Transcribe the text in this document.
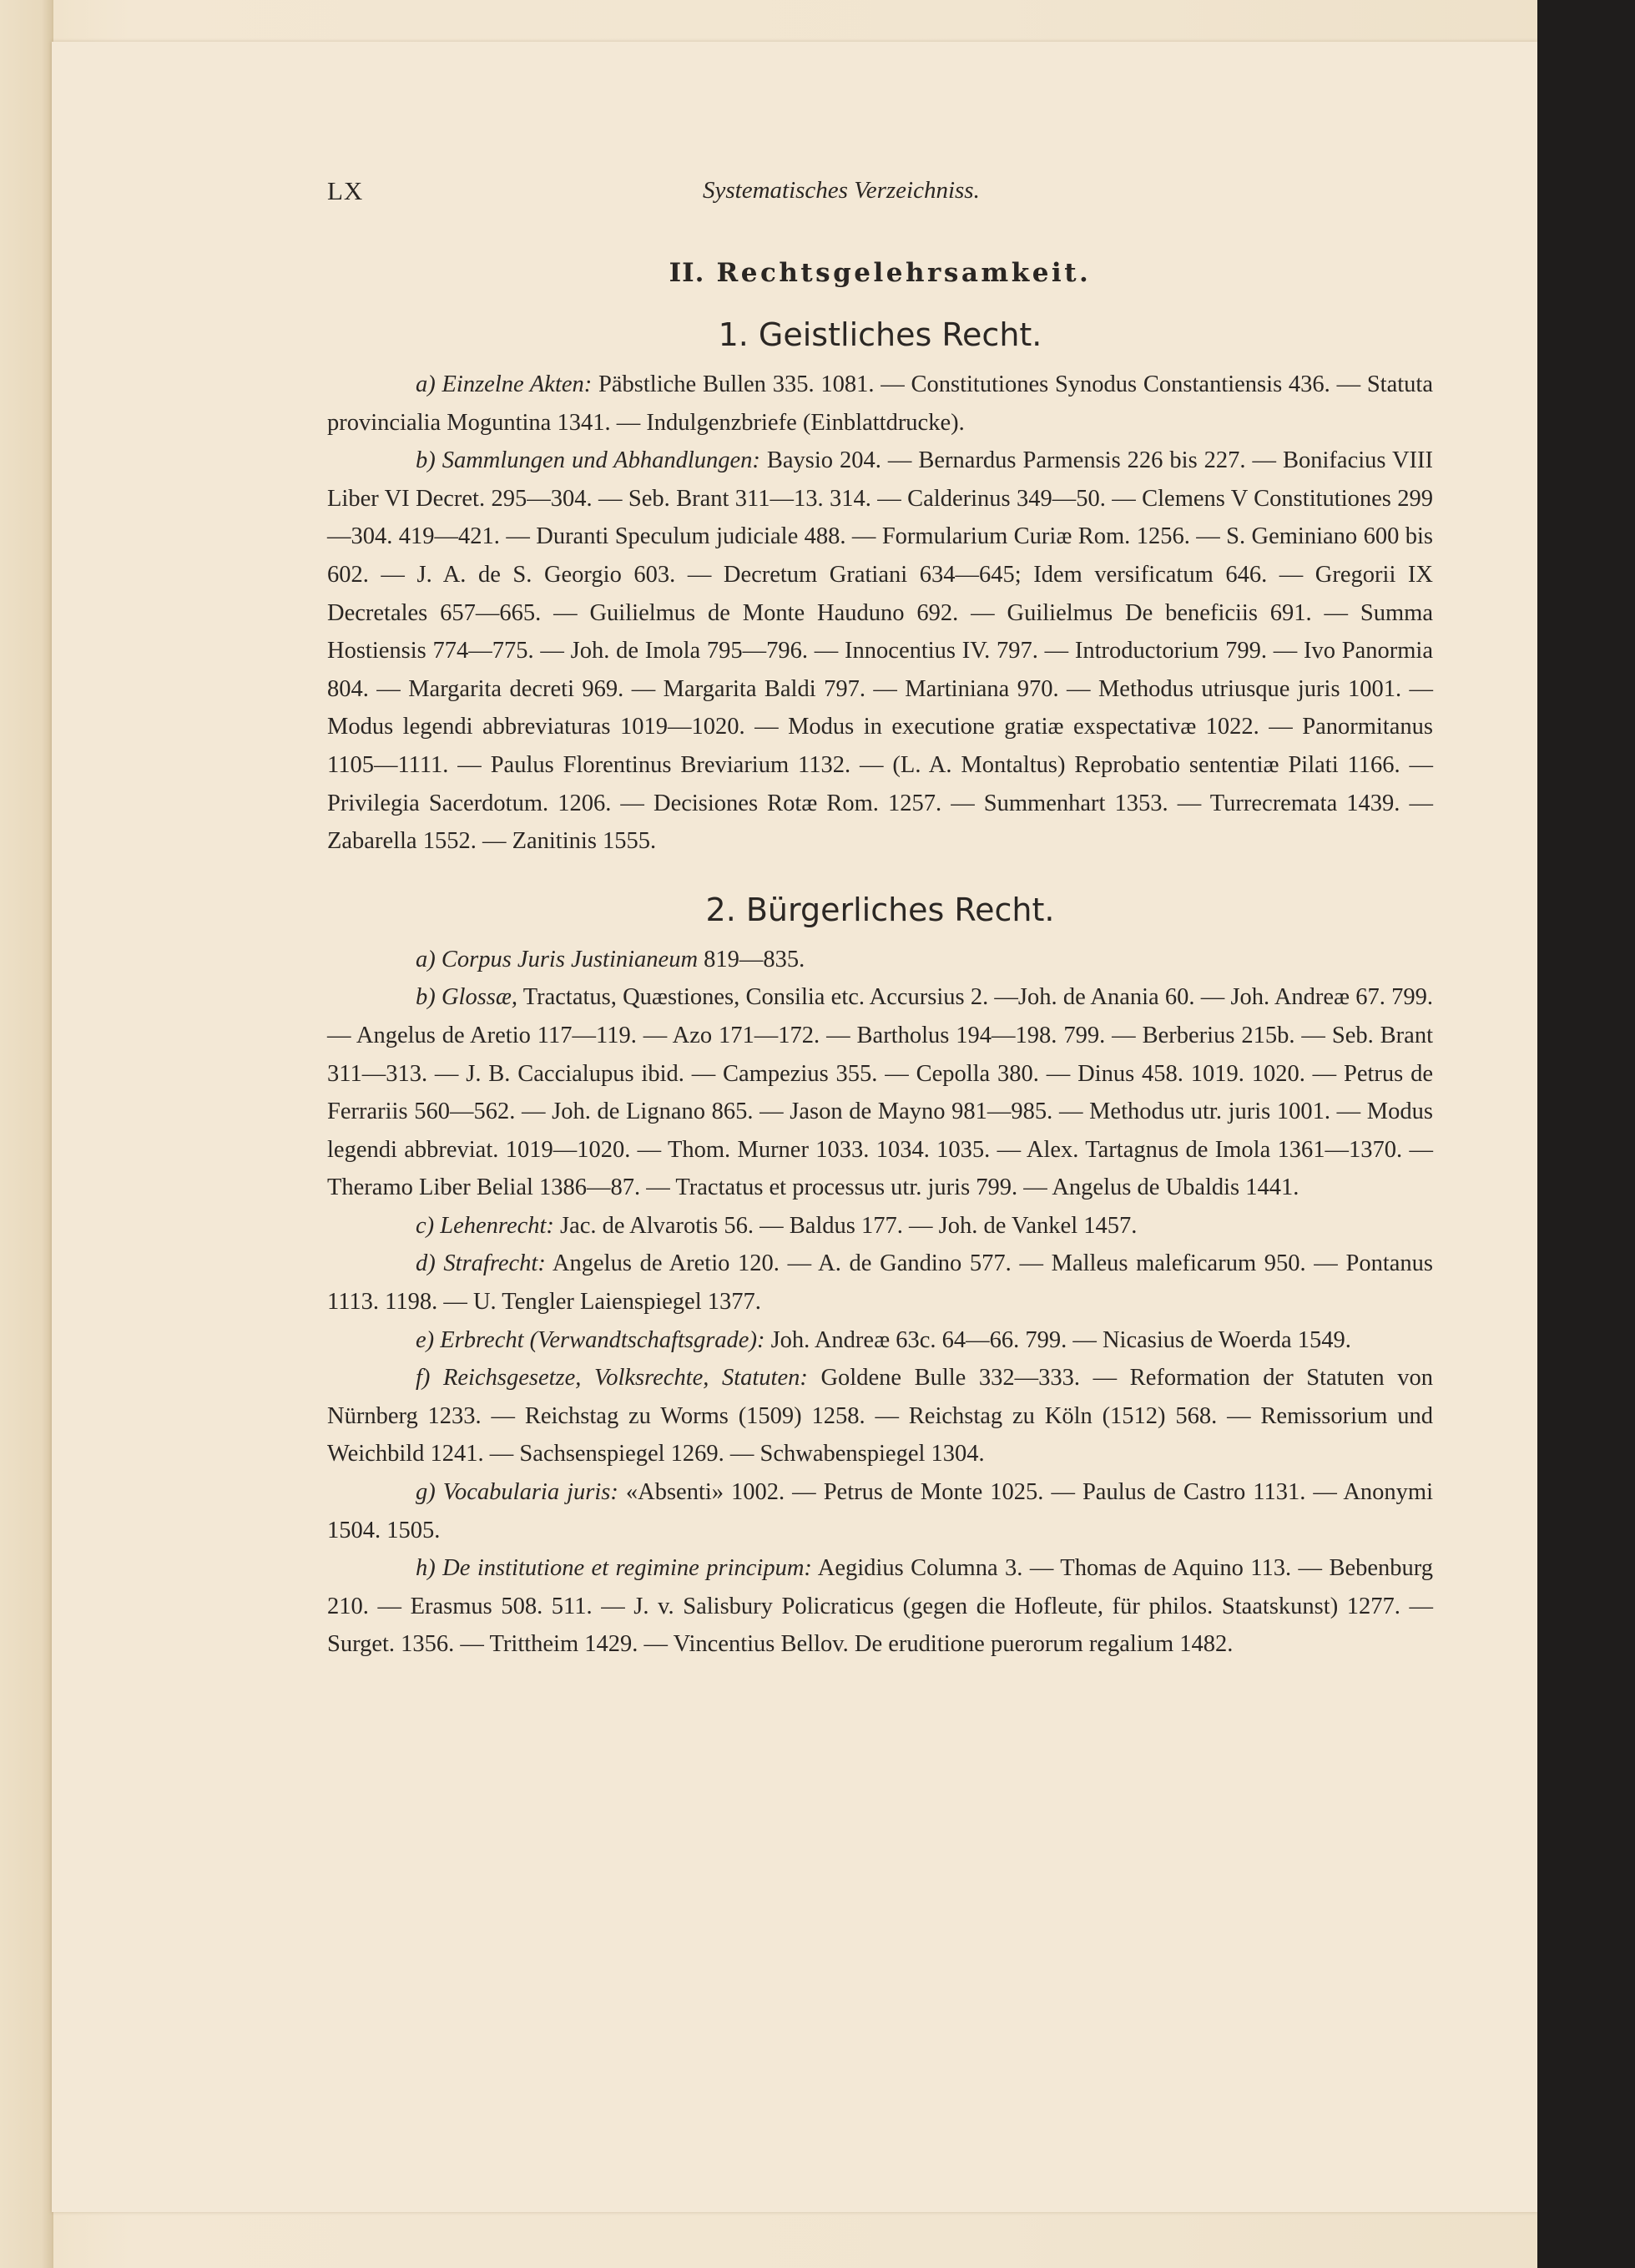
LX	Systematisches Verzeichniss.
II. Rechtsgelehrsamkeit.
1. Geistliches Recht.

a) Einzelne Akten: Päbstliche Bullen 335. 1081. — Constitutiones Synodus Constantiensis 436. — Statuta provincialia Moguntina 1341. — Indulgenzbriefe (Einblattdrucke).

b) Sammlungen und Abhandlungen: Baysio 204. — Bernardus Parmensis 226 bis 227. — Bonifacius VIII Liber VI Decret. 295—304. — Seb. Brant 311—13. 314. — Calderinus 349—50. — Clemens V Constitutiones 299—304. 419—421. — Duranti Speculum judiciale 488. — Formularium Curiæ Rom. 1256. — S. Geminiano 600 bis 602. — J. A. de S. Georgio 603. — Decretum Gratiani 634—645; Idem versificatum 646. — Gregorii IX Decretales 657—665. — Guilielmus de Monte Hauduno 692. — Guilielmus De beneficiis 691. — Summa Hostiensis 774—775. — Joh. de Imola 795—796. — Innocentius IV. 797. — Introductorium 799. — Ivo Panormia 804. — Margarita decreti 969. — Margarita Baldi 797. — Martiniana 970. — Methodus utriusque juris 1001. — Modus legendi abbreviaturas 1019—1020. — Modus in executione gratiæ exspectativæ 1022. — Panormitanus 1105—1111. — Paulus Florentinus Breviarium 1132. — (L. A. Montaltus) Reprobatio sententiæ Pilati 1166. — Privilegia Sacerdotum. 1206. — Decisiones Rotæ Rom. 1257. — Summenhart 1353. — Turrecremata 1439. — Zabarella 1552. — Zanitinis 1555.

2. Bürgerliches Recht.

a) Corpus Juris Justinianeum 819—835.

b) Glossæ, Tractatus, Quæstiones, Consilia etc. Accursius 2. —Joh. de Anania 60. — Joh. Andreæ 67. 799. — Angelus de Aretio 117—119. — Azo 171—172. — Bartholus 194—198. 799. — Berberius 215b. — Seb. Brant 311—313. — J. B. Caccialupus ibid. — Campezius 355. — Cepolla 380. — Dinus 458. 1019. 1020. — Petrus de Ferrariis 560—562. — Joh. de Lignano 865. — Jason de Mayno 981—985. — Methodus utr. juris 1001. — Modus legendi abbreviat. 1019—1020. — Thom. Murner 1033. 1034. 1035. — Alex. Tartagnus de Imola 1361—1370. — Theramo Liber Belial 1386—87. — Tractatus et processus utr. juris 799. — Angelus de Ubaldis 1441.

c) Lehenrecht: Jac. de Alvarotis 56. — Baldus 177. — Joh. de Vankel 1457.

d) Strafrecht: Angelus de Aretio 120. — A. de Gandino 577. — Malleus maleficarum 950. — Pontanus 1113. 1198. — U. Tengler Laienspiegel 1377.

e) Erbrecht (Verwandtschaftsgrade): Joh. Andreæ 63c. 64—66. 799. — Nicasius de Woerda 1549.

f) Reichsgesetze, Volksrechte, Statuten: Goldene Bulle 332—333. — Reformation der Statuten von Nürnberg 1233. — Reichstag zu Worms (1509) 1258. — Reichstag zu Köln (1512) 568. — Remissorium und Weichbild 1241. — Sachsenspiegel 1269. — Schwabenspiegel 1304.

g) Vocabularia juris: «Absenti» 1002. — Petrus de Monte 1025. — Paulus de Castro 1131. — Anonymi 1504. 1505.

h) De institutione et regimine principum: Aegidius Columna 3. — Thomas de Aquino 113. — Bebenburg 210. — Erasmus 508. 511. — J. v. Salisbury Policraticus (gegen die Hofleute, für philos. Staatskunst) 1277. — Surget. 1356. — Trittheim 1429. — Vincentius Bellov. De eruditione puerorum regalium 1482.
